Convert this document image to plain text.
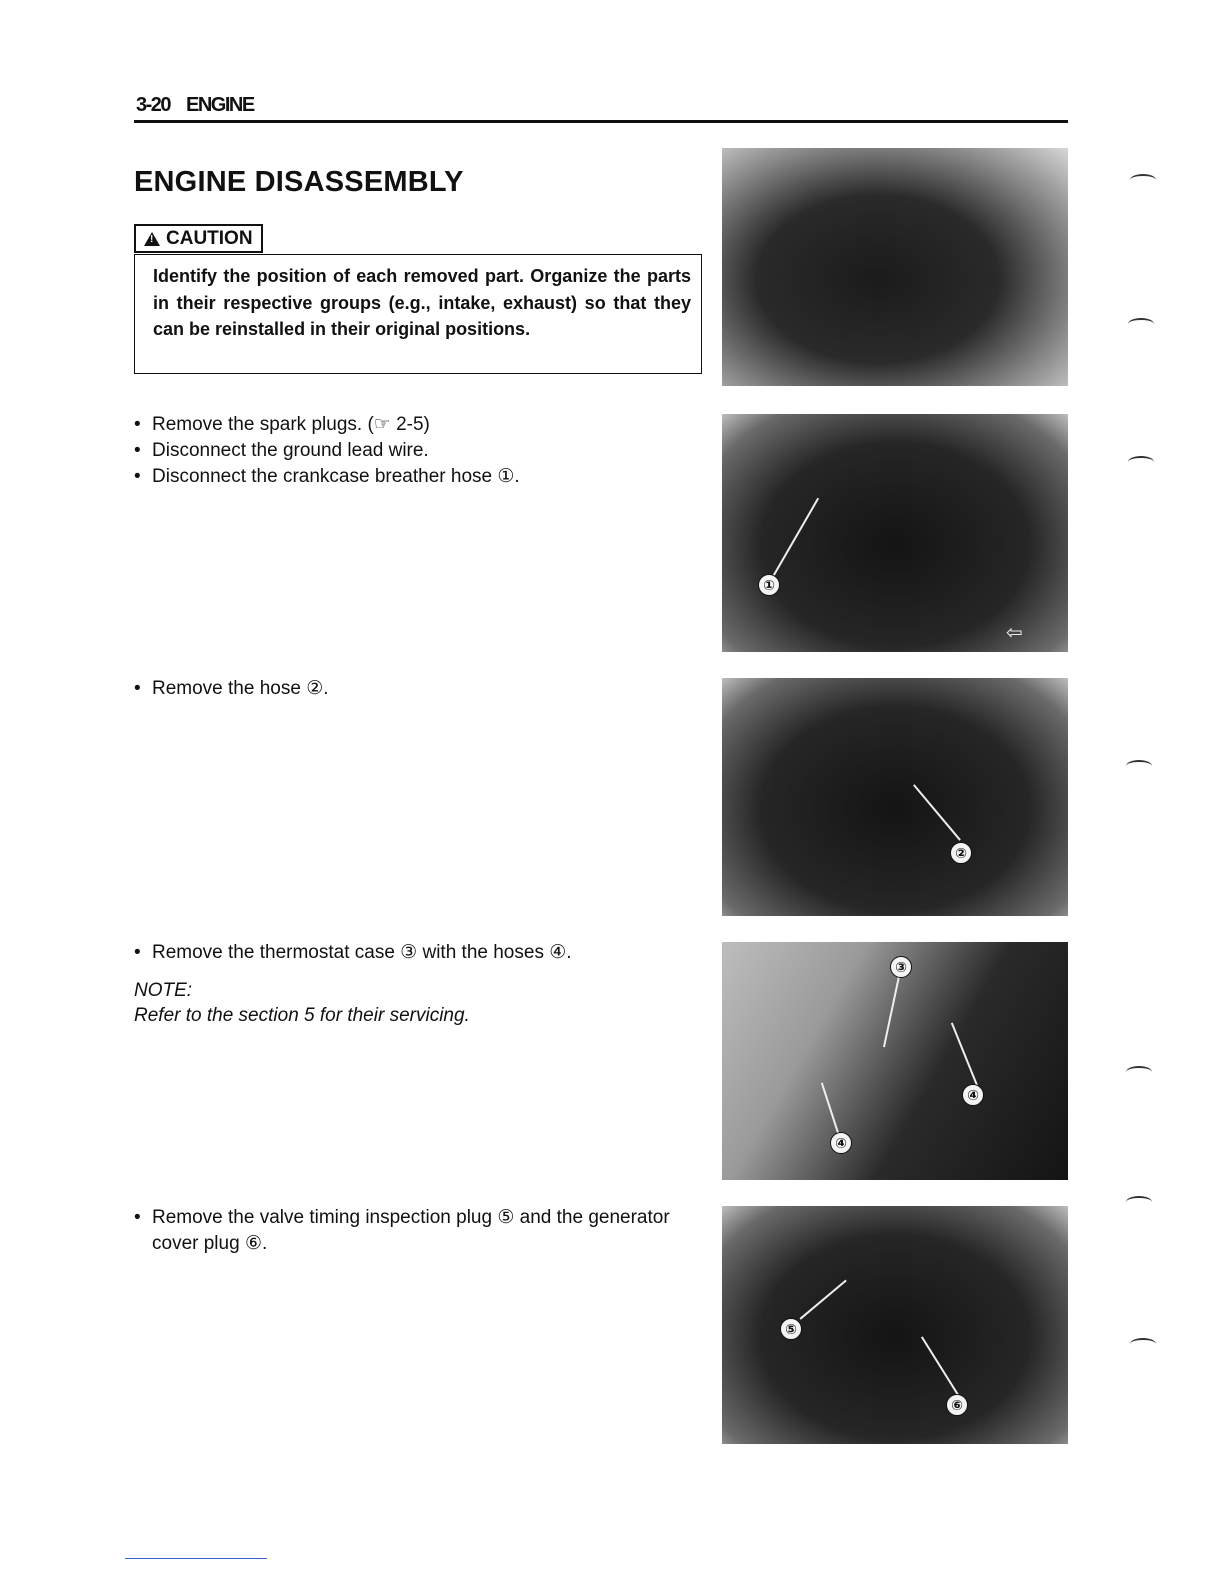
3-20 ENGINE
ENGINE DISASSEMBLY
!
CAUTION
Identify the position of each removed part. Organize the parts in their respective groups (e.g., intake, exhaust) so that they can be reinstalled in their original positions.
• Remove the spark plugs. (☞ 2-5)
• Disconnect the ground lead wire.
• Disconnect the crankcase breather hose ①.
• Remove the hose ②.
• Remove the thermostat case ③ with the hoses ④.
NOTE:
Refer to the section 5 for their servicing.
• Remove the valve timing inspection plug ⑤ and the generator cover plug ⑥.
①
⇦
②
③
④
④
⑤
⑥
